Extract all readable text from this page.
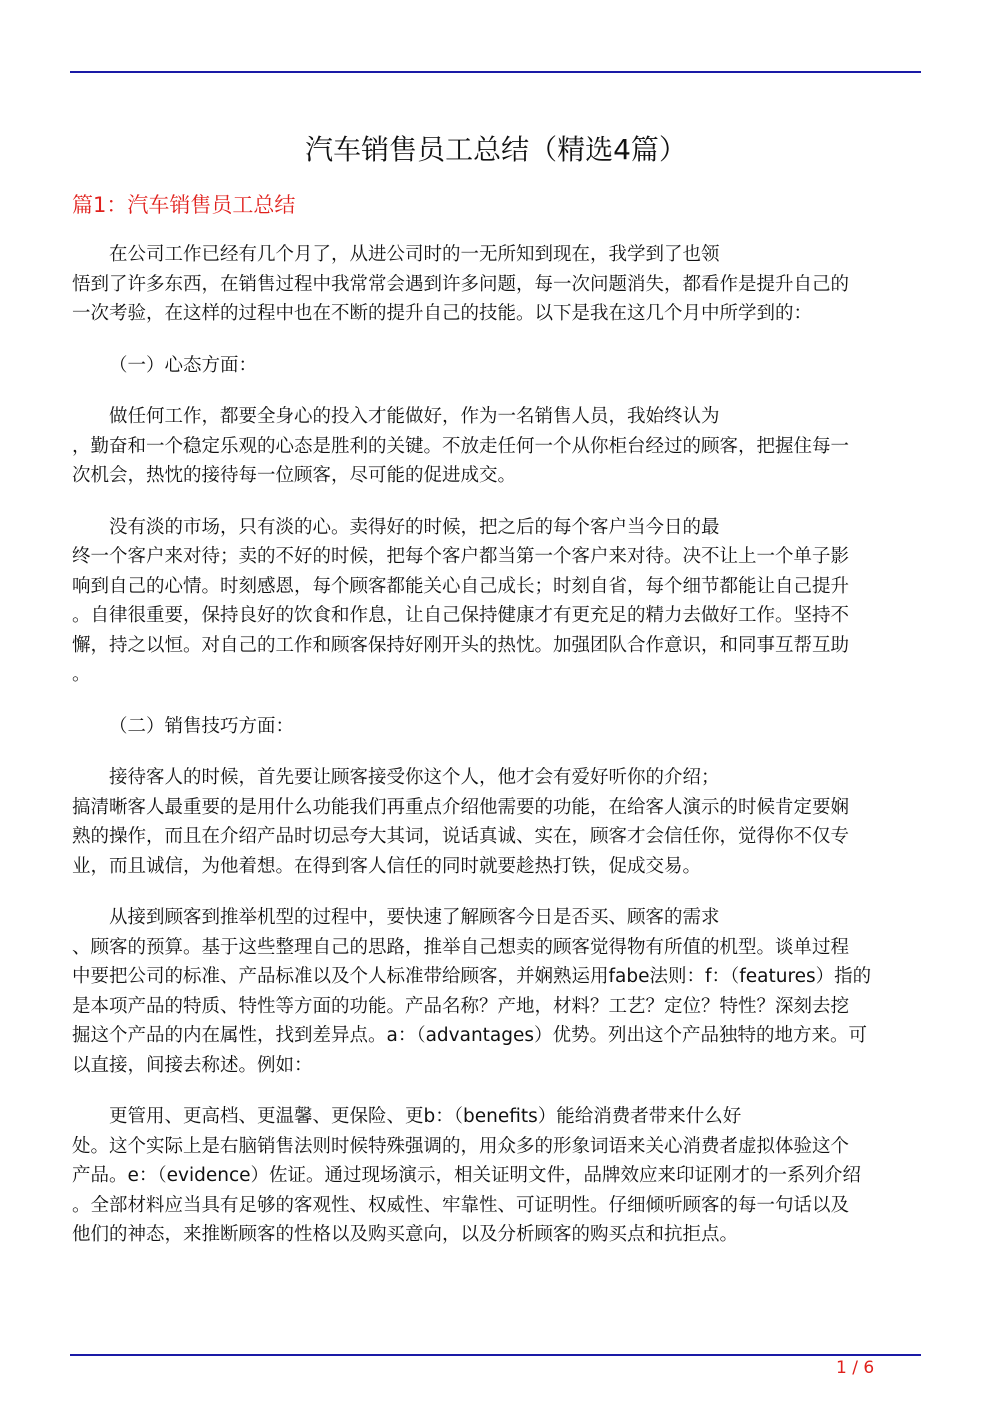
汽车销售员工总结（精选4篇）
篇1：汽车销售员工总结
在公司工作已经有几个月了，从进公司时的一无所知到现在，我学到了也领
悟到了许多东西，在销售过程中我常常会遇到许多问题，每一次问题消失，都看作是提升自己的
一次考验，在这样的过程中也在不断的提升自己的技能。以下是我在这几个月中所学到的：
（一）心态方面：
做任何工作，都要全身心的投入才能做好，作为一名销售人员，我始终认为
，勤奋和一个稳定乐观的心态是胜利的关键。不放走任何一个从你柜台经过的顾客，把握住每一
次机会，热忱的接待每一位顾客，尽可能的促进成交。
没有淡的市场，只有淡的心。卖得好的时候，把之后的每个客户当今日的最
终一个客户来对待；卖的不好的时候，把每个客户都当第一个客户来对待。决不让上一个单子影
响到自己的心情。时刻感恩，每个顾客都能关心自己成长；时刻自省，每个细节都能让自己提升
。自律很重要，保持良好的饮食和作息，让自己保持健康才有更充足的精力去做好工作。坚持不
懈，持之以恒。对自己的工作和顾客保持好刚开头的热忱。加强团队合作意识，和同事互帮互助
。
（二）销售技巧方面：
接待客人的时候，首先要让顾客接受你这个人，他才会有爱好听你的介绍；
搞清晰客人最重要的是用什么功能我们再重点介绍他需要的功能，在给客人演示的时候肯定要娴
熟的操作，而且在介绍产品时切忌夸大其词，说话真诚、实在，顾客才会信任你，觉得你不仅专
业，而且诚信，为他着想。在得到客人信任的同时就要趁热打铁，促成交易。
从接到顾客到推举机型的过程中，要快速了解顾客今日是否买、顾客的需求
、顾客的预算。基于这些整理自己的思路，推举自己想卖的顾客觉得物有所值的机型。谈单过程
中要把公司的标准、产品标准以及个人标准带给顾客，并娴熟运用fabe法则：f：（features）指的
是本项产品的特质、特性等方面的功能。产品名称？产地，材料？工艺？定位？特性？深刻去挖
掘这个产品的内在属性，找到差异点。a：（advantages）优势。列出这个产品独特的地方来。可
以直接，间接去称述。例如：
更管用、更高档、更温馨、更保险、更b：（benefits）能给消费者带来什么好
处。这个实际上是右脑销售法则时候特殊强调的，用众多的形象词语来关心消费者虚拟体验这个
产品。e：（evidence）佐证。通过现场演示，相关证明文件，品牌效应来印证刚才的一系列介绍
。全部材料应当具有足够的客观性、权威性、牢靠性、可证明性。仔细倾听顾客的每一句话以及
他们的神态，来推断顾客的性格以及购买意向，以及分析顾客的购买点和抗拒点。
1 / 6
